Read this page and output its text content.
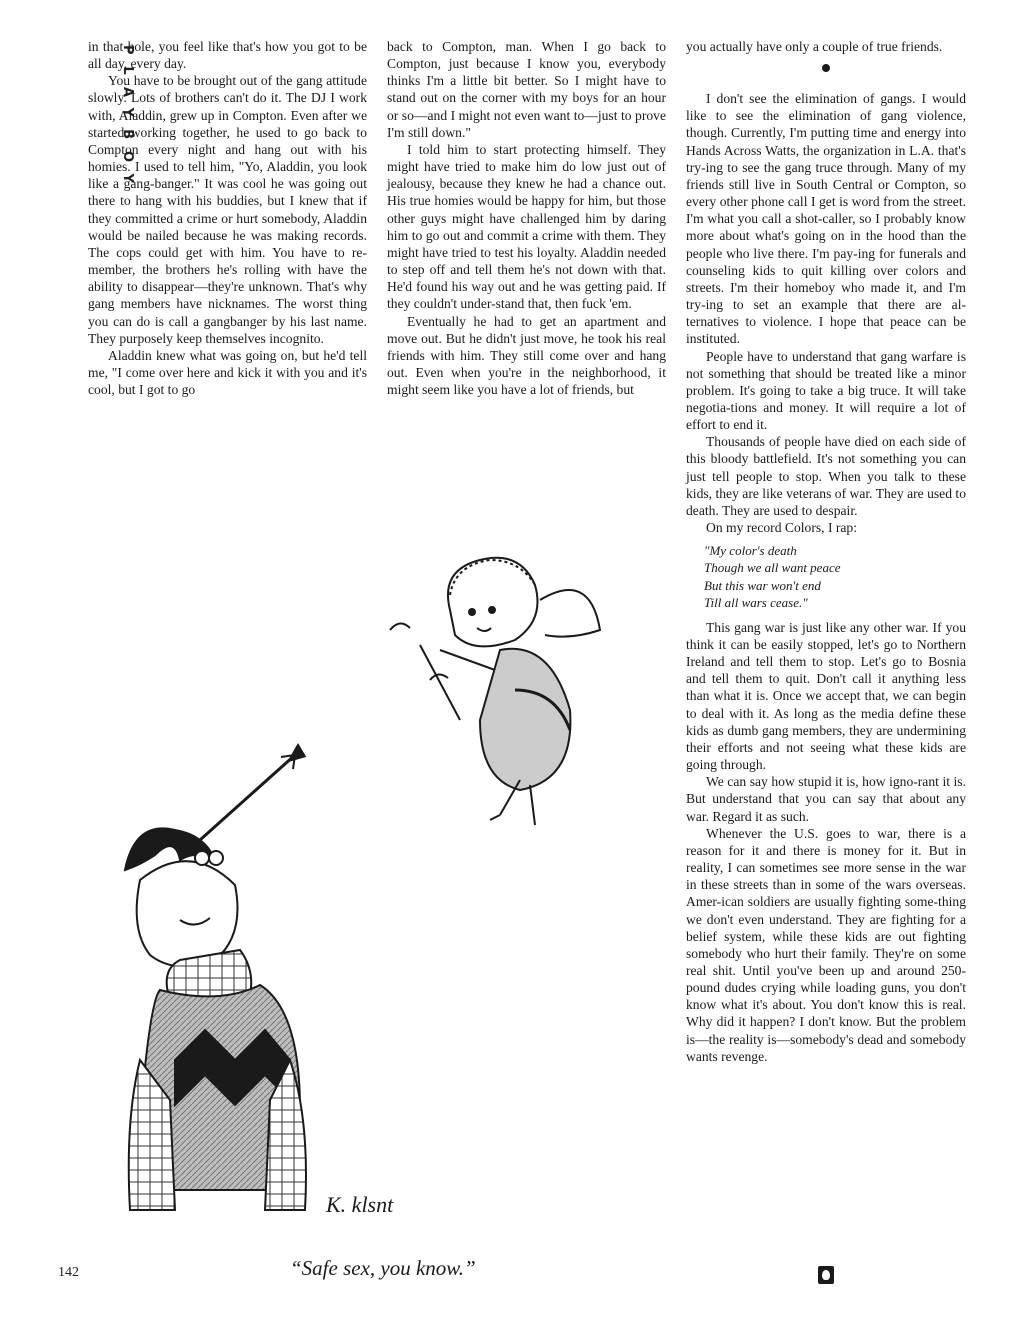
PLAYBOY

in that hole, you feel like that's how you got to be all day, every day.

You have to be brought out of the gang attitude slowly. Lots of brothers can't do it. The DJ I work with, Aladdin, grew up in Compton. Even after we started working together, he used to go back to Compton every night and hang out with his homies. I used to tell him, "Yo, Aladdin, you look like a gang-banger." It was cool he was going out there to hang with his buddies, but I knew that if they committed a crime or hurt somebody, Aladdin would be nailed because he was making records. The cops could get with him. You have to re-member, the brothers he's rolling with have the ability to disappear—they're unknown. That's why gang members have nicknames. The worst thing you can do is call a gangbanger by his last name. They purposely keep themselves incognito.

Aladdin knew what was going on, but he'd tell me, "I come over here and kick it with you and it's cool, but I got to go

back to Compton, man. When I go back to Compton, just because I know you, everybody thinks I'm a little bit better. So I might have to stand out on the corner with my boys for an hour or so—and I might not even want to—just to prove I'm still down."

I told him to start protecting himself. They might have tried to make him do low just out of jealousy, because they knew he had a chance out. His true homies would be happy for him, but those other guys might have challenged him by daring him to go out and commit a crime with them. They might have tried to test his loyalty. Aladdin needed to step off and tell them he's not down with that. He'd found his way out and he was getting paid. If they couldn't under-stand that, then fuck 'em.

Eventually he had to get an apartment and move out. But he didn't just move, he took his real friends with him. They still come over and hang out. Even when you're in the neighborhood, it might seem like you have a lot of friends, but

you actually have only a couple of true friends.

I don't see the elimination of gangs. I would like to see the elimination of gang violence, though. Currently, I'm putting time and energy into Hands Across Watts, the organization in L.A. that's try-ing to see the gang truce through. Many of my friends still live in South Central or Compton, so every other phone call I get is word from the street. I'm what you call a shot-caller, so I probably know more about what's going on in the hood than the people who live there. I'm pay-ing for funerals and counseling kids to quit killing over colors and streets. I'm their homeboy who made it, and I'm try-ing to set an example that there are al-ternatives to violence. I hope that peace can be instituted.

People have to understand that gang warfare is not something that should be treated like a minor problem. It's going to take a big truce. It will take negotia-tions and money. It will require a lot of effort to end it.

Thousands of people have died on each side of this bloody battlefield. It's not something you can just tell people to stop. When you talk to these kids, they are like veterans of war. They are used to death. They are used to despair.

On my record Colors, I rap:

"My color's death
Though we all want peace
But this war won't end
Till all wars cease."

This gang war is just like any other war. If you think it can be easily stopped, let's go to Northern Ireland and tell them to stop. Let's go to Bosnia and tell them to quit. Don't call it anything less than what it is. Once we accept that, we can begin to deal with it. As long as the media define these kids as dumb gang members, they are undermining their efforts and not seeing what these kids are going through.

We can say how stupid it is, how igno-rant it is. But understand that you can say that about any war. Regard it as such.

Whenever the U.S. goes to war, there is a reason for it and there is money for it. But in reality, I can sometimes see more sense in the war in these streets than in some of the wars overseas. Amer-ican soldiers are usually fighting some-thing we don't even understand. They are fighting for a belief system, while these kids are out fighting somebody who hurt their family. They're on some real shit. Until you've been up and around 250-pound dudes crying while loading guns, you don't know what it's about. You don't know this is real. Why did it happen? I don't know. But the problem is—the reality is—somebody's dead and somebody wants revenge.

K. klsnt
142	“Safe sex, you know.”
